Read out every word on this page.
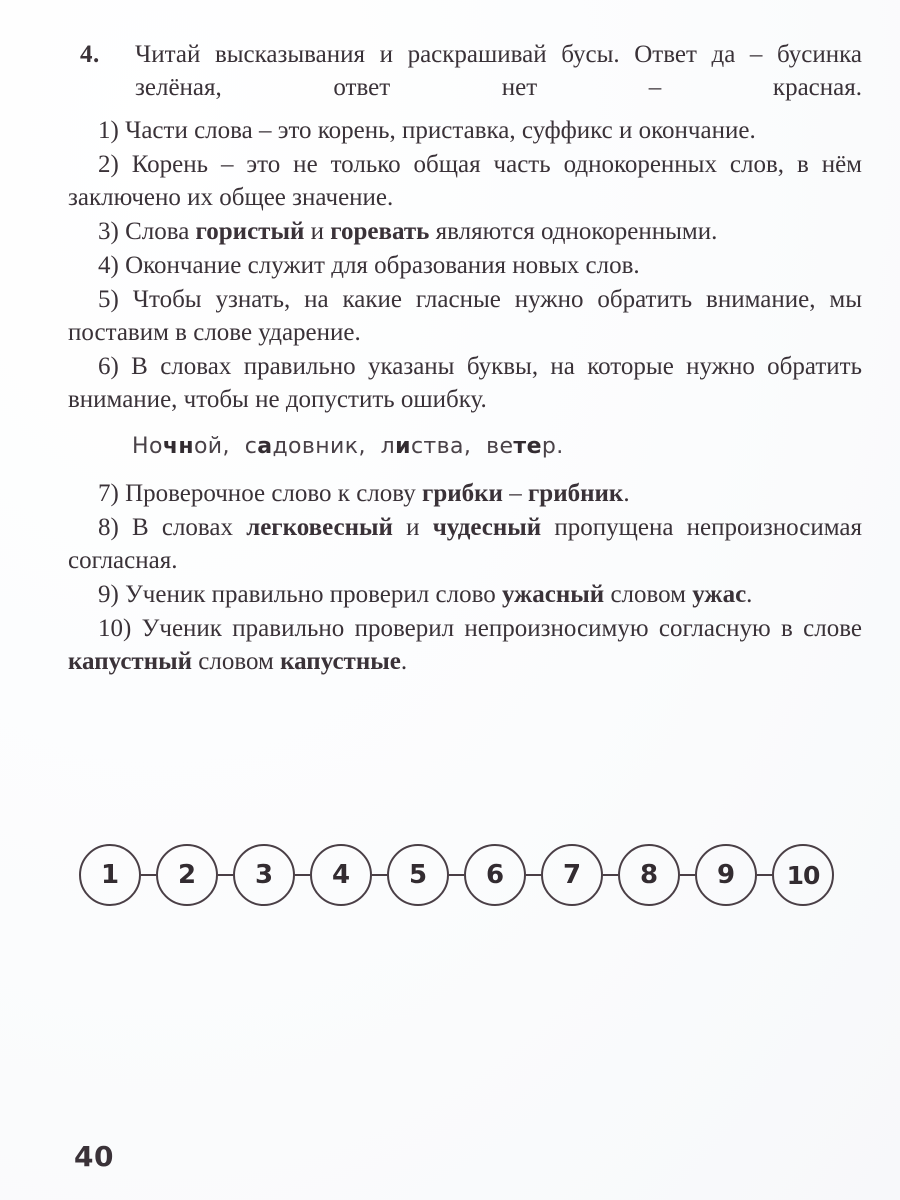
4. Читай высказывания и раскрашивай бусы. Ответ да – бусинка зелёная, ответ нет – красная.

1) Части слова – это корень, приставка, суффикс и окончание.

2) Корень – это не только общая часть однокоренных слов, в нём заключено их общее значение.

3) Слова гористый и горевать являются однокоренными.

4) Окончание служит для образования новых слов.

5) Чтобы узнать, на какие гласные нужно обратить внимание, мы поставим в слове ударение.

6) В словах правильно указаны буквы, на которые нужно обратить внимание, чтобы не допустить ошибку.

Ночной, садовник, листва, ветер.

7) Проверочное слово к слову грибки – грибник.

8) В словах легковесный и чудесный пропущена непроизносимая согласная.

9) Ученик правильно проверил слово ужасный словом ужас.

10) Ученик правильно проверил непроизносимую согласную в слове капустный словом капустные.

1 2 3 4 5 6 7 8 9 10
40
